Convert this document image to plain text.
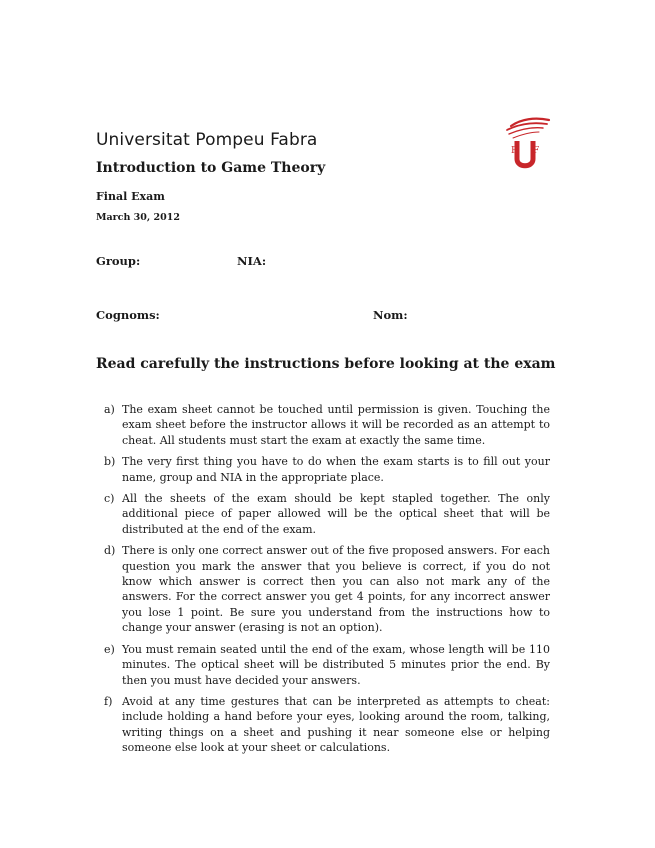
Universitat Pompeu Fabra
P F
Introduction to Game Theory
Final Exam
March 30, 2012
Group:	NIA:
Cognoms:	Nom:
Read carefully the instructions before looking at the exam
a) The exam sheet cannot be touched until permission is given. Touching the exam sheet before the instructor allows it will be recorded as an attempt to cheat. All students must start the exam at exactly the same time.
b) The very first thing you have to do when the exam starts is to fill out your name, group and NIA in the appropriate place.
c) All the sheets of the exam should be kept stapled together. The only additional piece of paper allowed will be the optical sheet that will be distributed at the end of the exam.
d) There is only one correct answer out of the five proposed answers. For each question you mark the answer that you believe is correct, if you do not know which answer is correct then you can also not mark any of the answers. For the correct answer you get 4 points, for any incorrect answer you lose 1 point. Be sure you understand from the instructions how to change your answer (erasing is not an option).
e) You must remain seated until the end of the exam, whose length will be 110 minutes. The optical sheet will be distributed 5 minutes prior the end. By then you must have decided your answers.
f) Avoid at any time gestures that can be interpreted as attempts to cheat: include holding a hand before your eyes, looking around the room, talking, writing things on a sheet and pushing it near someone else or helping someone else look at your sheet or calculations.
